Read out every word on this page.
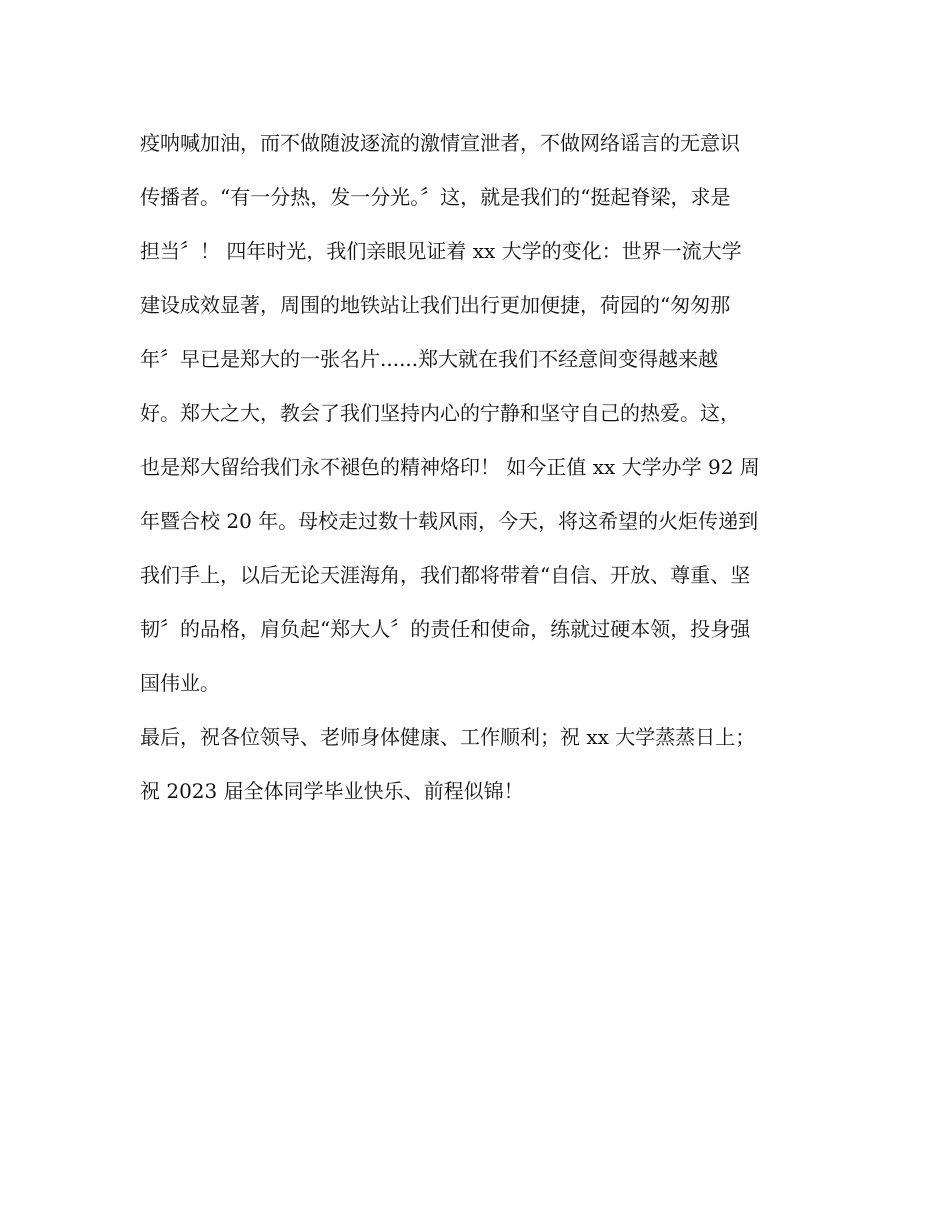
疫呐喊加油，而不做随波逐流的激情宣泄者，不做网络谣言的无意识
传播者。“有一分热，发一分光。〞这，就是我们的“挺起脊梁，求是
担当〞！ 四年时光，我们亲眼见证着 xx 大学的变化：世界一流大学
建设成效显著，周围的地铁站让我们出行更加便捷，荷园的“匆匆那
年〞早已是郑大的一张名片......郑大就在我们不经意间变得越来越
好。郑大之大，教会了我们坚持内心的宁静和坚守自己的热爱。这，
也是郑大留给我们永不褪色的精神烙印！ 如今正值 xx 大学办学 92 周
年暨合校 20 年。母校走过数十载风雨，今天，将这希望的火炬传递到
我们手上，以后无论天涯海角，我们都将带着“自信、开放、尊重、坚
韧〞的品格，肩负起“郑大人〞的责任和使命，练就过硬本领，投身强
国伟业。
最后，祝各位领导、老师身体健康、工作顺利；祝 xx 大学蒸蒸日上；
祝 2023 届全体同学毕业快乐、前程似锦！
